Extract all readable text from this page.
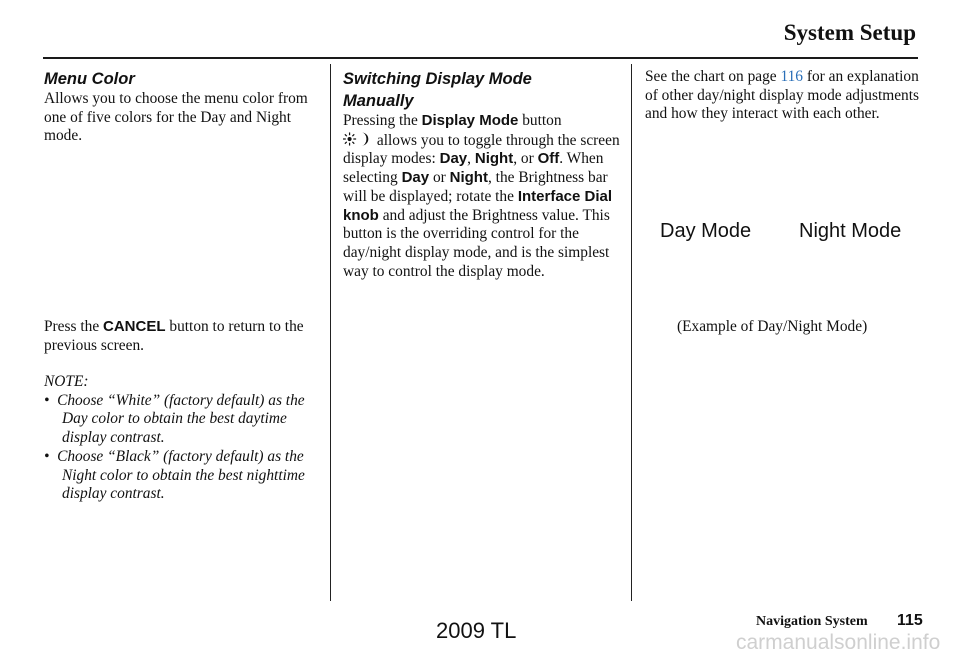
System Setup
Menu Color
Allows you to choose the menu color from one of five colors for the Day and Night mode.
Press the CANCEL button to return to the previous screen.
NOTE:
•  Choose “White” (factory default) as the Day color to obtain the best daytime display contrast.
•  Choose “Black” (factory default) as the Night color to obtain the best nighttime display contrast.
Switching Display Mode
Manually
Pressing the Display Mode button
allows you to toggle through the screen display modes: Day, Night, or Off. When selecting Day or Night, the Brightness bar will be displayed; rotate the Interface Dial knob and adjust the Brightness value. This button is the overriding control for the day/night display mode, and is the simplest way to control the display mode.
See the chart on page 116 for an explanation of other day/night display mode adjustments and how they interact with each other.
Day Mode Night Mode
(Example of Day/Night Mode)
Navigation System 115
2009 TL	carmanualsonline.info
